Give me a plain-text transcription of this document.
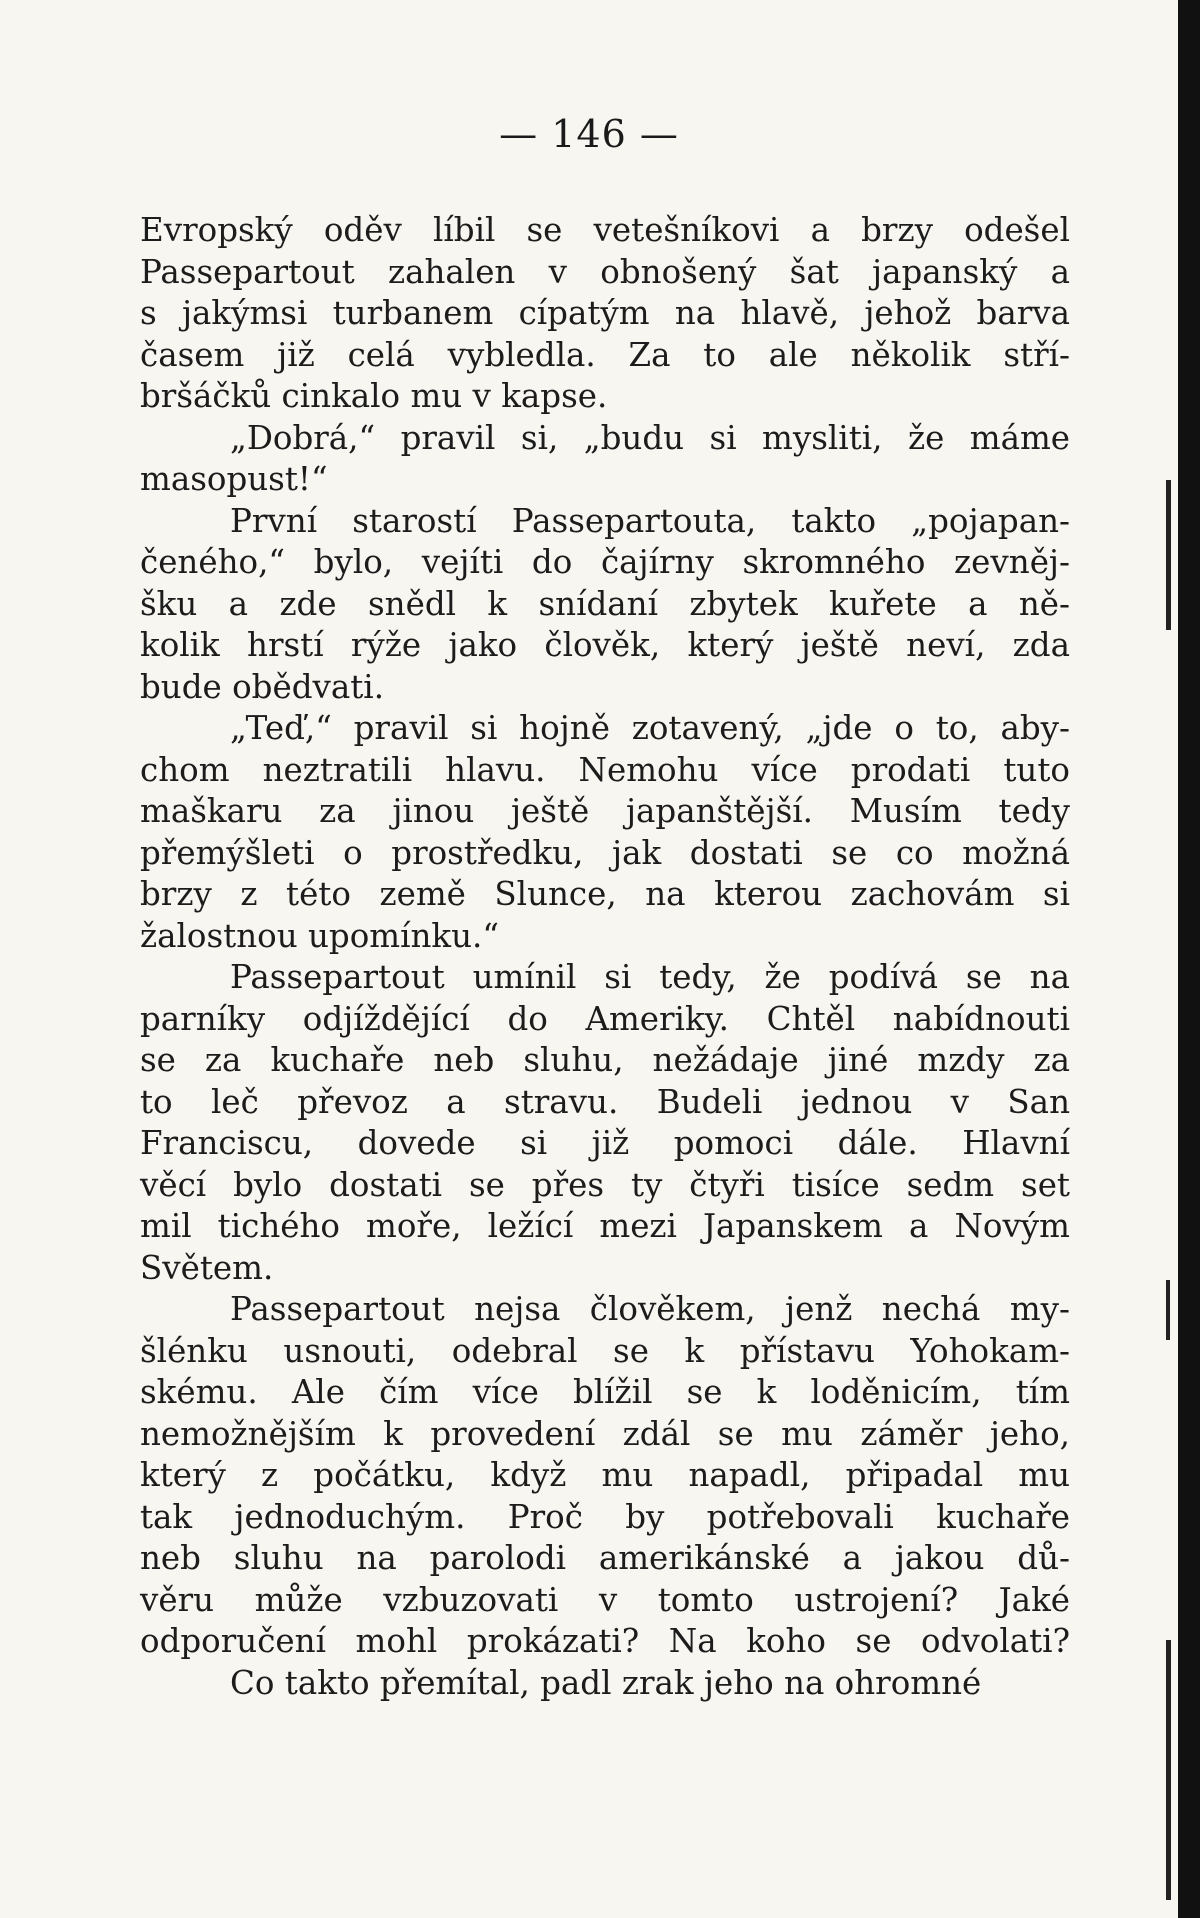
— 146 —
Evropský oděv líbil se vetešníkovi a brzy odešel
Passepartout zahalen v obnošený šat japanský a
s jakýmsi turbanem cípatým na hlavě, jehož barva
časem již celá vybledla. Za to ale několik stří-
bršáčků cinkalo mu v kapse.
„Dobrá,“ pravil si, „budu si mysliti, že máme
masopust!“
První starostí Passepartouta, takto „pojapan-
čeného,“ bylo, vejíti do čajírny skromného zevněj-
šku a zde snědl k snídaní zbytek kuřete a ně-
kolik hrstí rýže jako člověk, který ještě neví, zda
bude obědvati.
„Teď,“ pravil si hojně zotavený, „jde o to, aby-
chom neztratili hlavu. Nemohu více prodati tuto
maškaru za jinou ještě japanštější. Musím tedy
přemýšleti o prostředku, jak dostati se co možná
brzy z této země Slunce, na kterou zachovám si
žalostnou upomínku.“
Passepartout umínil si tedy, že podívá se na
parníky odjíždějící do Ameriky. Chtěl nabídnouti
se za kuchaře neb sluhu, nežádaje jiné mzdy za
to leč převoz a stravu. Budeli jednou v San
Franciscu, dovede si již pomoci dále. Hlavní
věcí bylo dostati se přes ty čtyři tisíce sedm set
mil tichého moře, ležící mezi Japanskem a Novým
Světem.
Passepartout nejsa člověkem, jenž nechá my-
šlénku usnouti, odebral se k přístavu Yohokam-
skému. Ale čím více blížil se k loděnicím, tím
nemožnějším k provedení zdál se mu záměr jeho,
který z počátku, když mu napadl, připadal mu
tak jednoduchým. Proč by potřebovali kuchaře
neb sluhu na parolodi amerikánské a jakou dů-
věru může vzbuzovati v tomto ustrojení? Jaké
odporučení mohl prokázati? Na koho se odvolati?
Co takto přemítal, padl zrak jeho na ohromné
